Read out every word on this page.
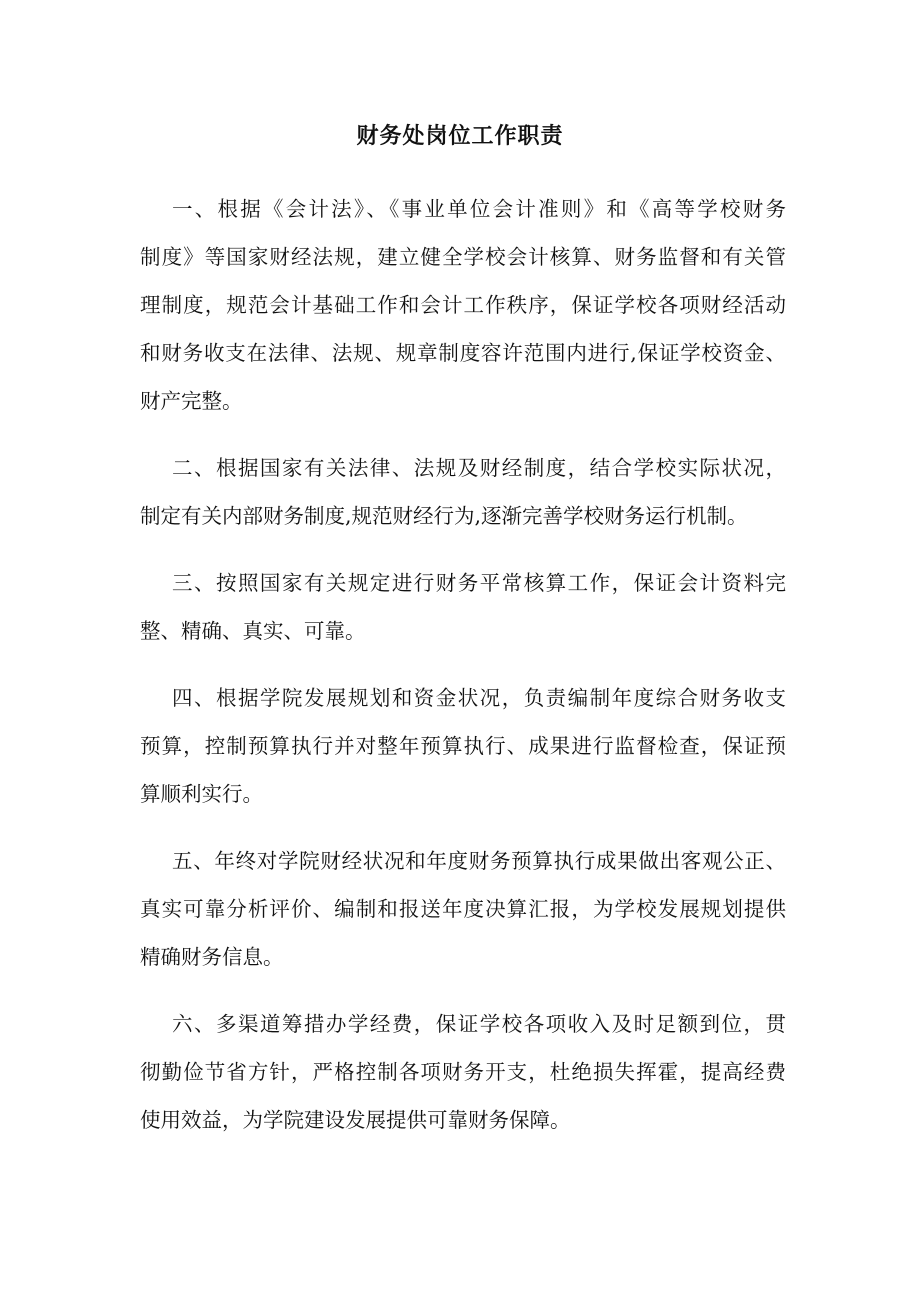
财务处岗位工作职责
一、根据《会计法》、《事业单位会计准则》和《高等学校财务
制度》等国家财经法规，建立健全学校会计核算、财务监督和有关管
理制度，规范会计基础工作和会计工作秩序，保证学校各项财经活动
和财务收支在法律、法规、规章制度容许范围内进行,保证学校资金、
财产完整。
二、根据国家有关法律、法规及财经制度，结合学校实际状况，
制定有关内部财务制度,规范财经行为,逐渐完善学校财务运行机制。
三、按照国家有关规定进行财务平常核算工作，保证会计资料完
整、精确、真实、可靠。
四、根据学院发展规划和资金状况，负责编制年度综合财务收支
预算，控制预算执行并对整年预算执行、成果进行监督检查，保证预
算顺利实行。
五、年终对学院财经状况和年度财务预算执行成果做出客观公正、
真实可靠分析评价、编制和报送年度决算汇报，为学校发展规划提供
精确财务信息。
六、多渠道筹措办学经费，保证学校各项收入及时足额到位，贯
彻勤俭节省方针，严格控制各项财务开支，杜绝损失挥霍，提高经费
使用效益，为学院建设发展提供可靠财务保障。
